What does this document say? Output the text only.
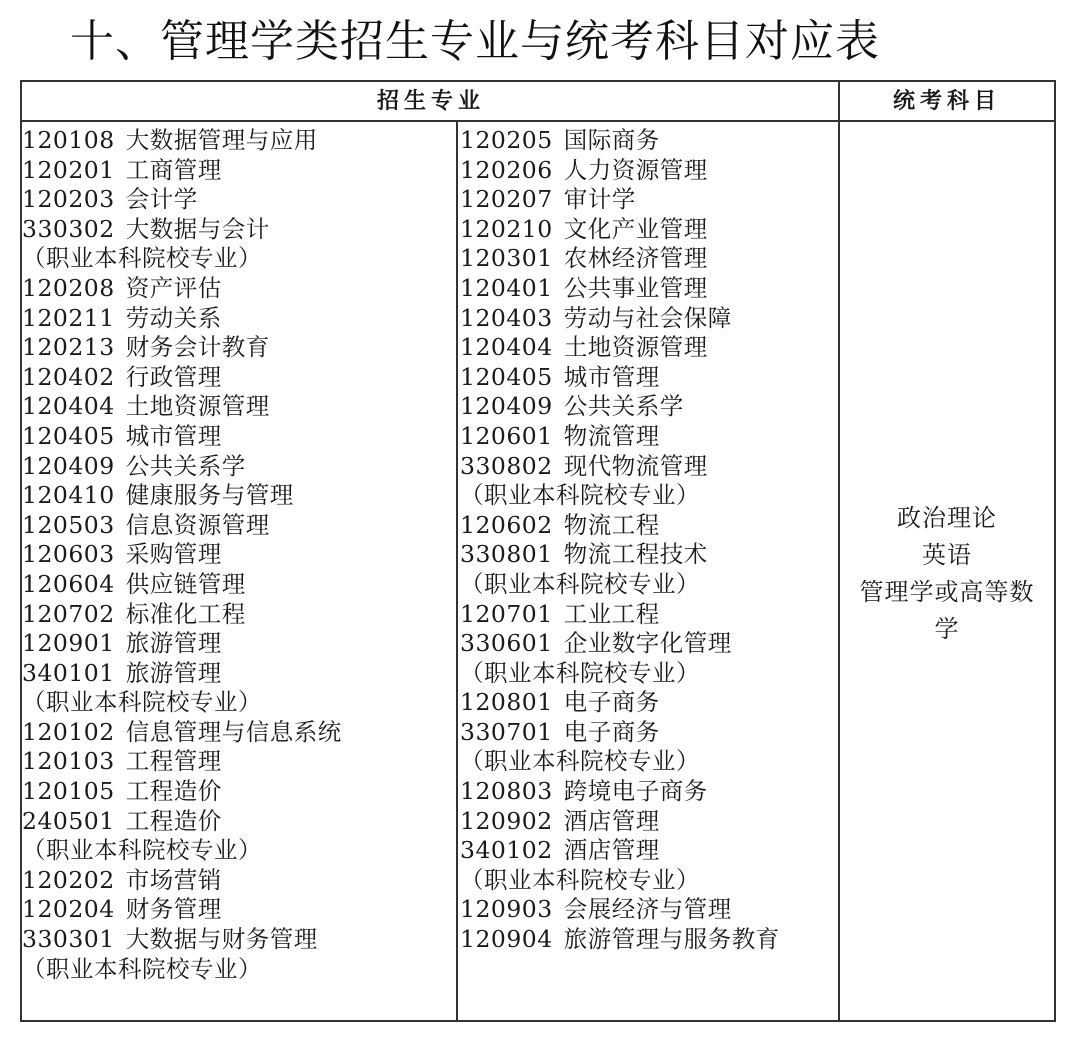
十、管理学类招生专业与统考科目对应表
招生专业	统考科目
120108 大数据管理与应用
120201 工商管理
120203 会计学
330302 大数据与会计
（职业本科院校专业）
120208 资产评估
120211 劳动关系
120213 财务会计教育
120402 行政管理
120404 土地资源管理
120405 城市管理
120409 公共关系学
120410 健康服务与管理
120503 信息资源管理
120603 采购管理
120604 供应链管理
120702 标准化工程
120901 旅游管理
340101 旅游管理
（职业本科院校专业）
120102 信息管理与信息系统
120103 工程管理
120105 工程造价
240501 工程造价
（职业本科院校专业）
120202 市场营销
120204 财务管理
330301 大数据与财务管理
（职业本科院校专业）
120205 国际商务
120206 人力资源管理
120207 审计学
120210 文化产业管理
120301 农林经济管理
120401 公共事业管理
120403 劳动与社会保障
120404 土地资源管理
120405 城市管理
120409 公共关系学
120601 物流管理
330802 现代物流管理
（职业本科院校专业）
120602 物流工程
330801 物流工程技术
（职业本科院校专业）
120701 工业工程
330601 企业数字化管理
（职业本科院校专业）
120801 电子商务
330701 电子商务
（职业本科院校专业）
120803 跨境电子商务
120902 酒店管理
340102 酒店管理
（职业本科院校专业）
120903 会展经济与管理
120904 旅游管理与服务教育
政治理论
英语
管理学或高等数
学
